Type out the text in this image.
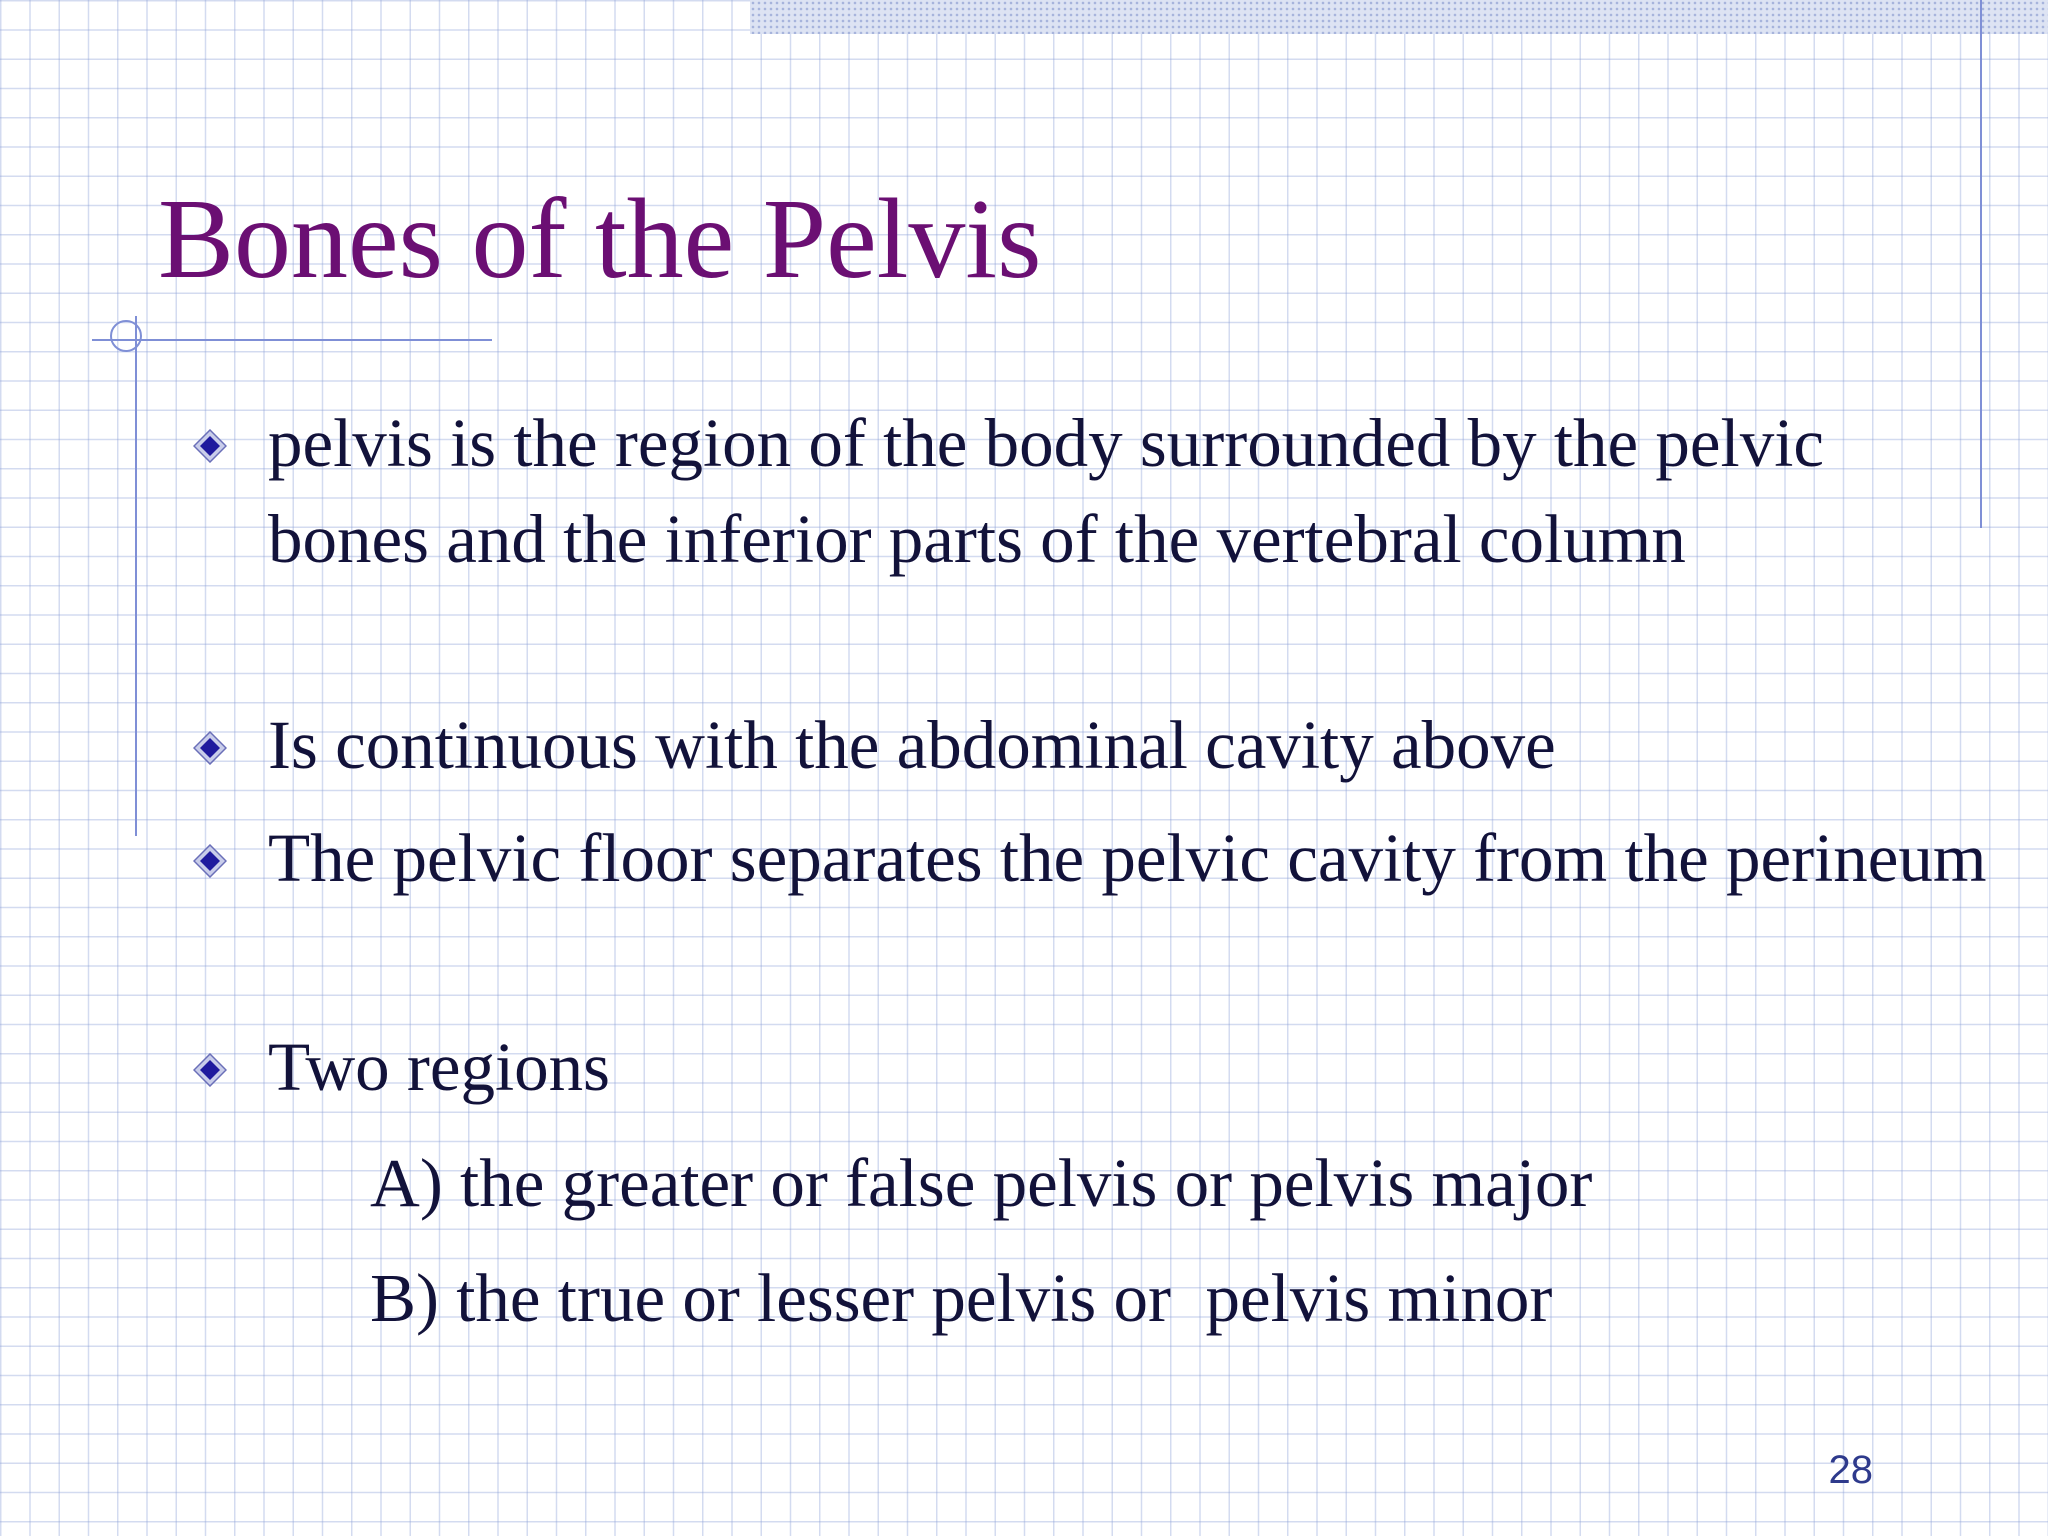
Bones of the Pelvis
pelvis is the region of the body surrounded by the pelvic bones and the inferior parts of the vertebral column
Is continuous with the abdominal cavity above
The pelvic floor separates the pelvic cavity from the perineum
Two regions
A) the greater or false pelvis or pelvis major
B) the true or lesser pelvis or  pelvis minor
28
